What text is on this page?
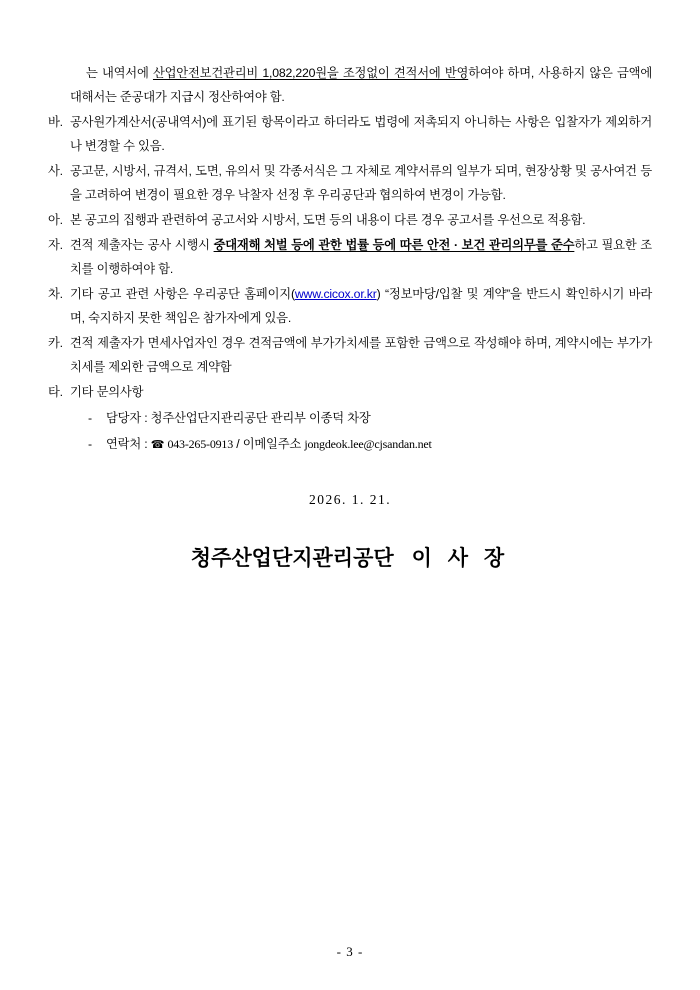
는 내역서에 산업안전보건관리비 1,082,220원을 조정없이 견적서에 반영하여야 하며, 사용하지 않은 금액에 대해서는 준공대가 지급시 정산하여야 함.

바. 공사원가계산서(공내역서)에 표기된 항목이라고 하더라도 법령에 저촉되지 아니하는 사항은 입찰자가 제외하거나 변경할 수 있음.
사. 공고문, 시방서, 규격서, 도면, 유의서 및 각종서식은 그 자체로 계약서류의 일부가 되며, 현장상황 및 공사여건 등을 고려하여 변경이 필요한 경우 낙찰자 선정 후 우리공단과 협의하여 변경이 가능함.
아. 본 공고의 집행과 관련하여 공고서와 시방서, 도면 등의 내용이 다른 경우 공고서를 우선으로 적용함.
자. 견적 제출자는 공사 시행시 중대재해 처벌 등에 관한 법률 등에 따른 안전 · 보건 관리의무를 준수하고 필요한 조치를 이행하여야 함.
차. 기타 공고 관련 사항은 우리공단 홈페이지(www.cicox.or.kr) “정보마당/입찰 및 계약”을 반드시 확인하시기 바라며, 숙지하지 못한 책임은 참가자에게 있음.
카. 견적 제출자가 면세사업자인 경우 견적금액에 부가가치세를 포함한 금액으로 작성해야 하며, 계약시에는 부가가치세를 제외한 금액으로 계약함
타. 기타 문의사항
- 담당자 : 청주산업단지관리공단 관리부 이종덕 차장
- 연락처 : ☎ 043-265-0913 / 이메일주소 jongdeok.lee@cjsandan.net
2026. 1. 21.
청주산업단지관리공단 이 사 장
- 3 -
